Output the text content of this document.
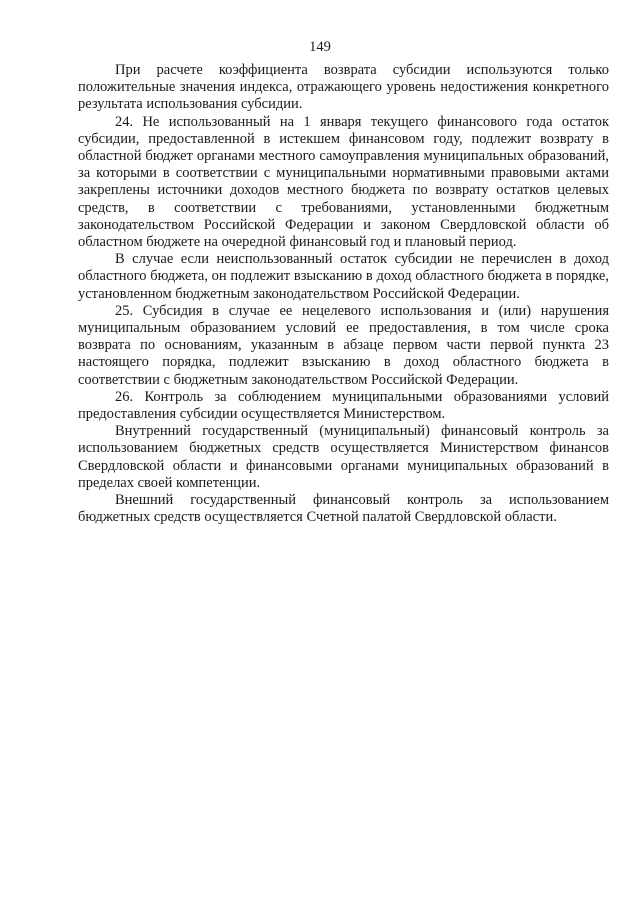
149

При расчете коэффициента возврата субсидии используются только положительные значения индекса, отражающего уровень недостижения конкретного результата использования субсидии.

24. Не использованный на 1 января текущего финансового года остаток субсидии, предоставленной в истекшем финансовом году, подлежит возврату в областной бюджет органами местного самоуправления муниципальных образований, за которыми в соответствии с муниципальными нормативными правовыми актами закреплены источники доходов местного бюджета по возврату остатков целевых средств, в соответствии с требованиями, установленными бюджетным законодательством Российской Федерации и законом Свердловской области об областном бюджете на очередной финансовый год и плановый период.

В случае если неиспользованный остаток субсидии не перечислен в доход областного бюджета, он подлежит взысканию в доход областного бюджета в порядке, установленном бюджетным законодательством Российской Федерации.

25. Субсидия в случае ее нецелевого использования и (или) нарушения муниципальным образованием условий ее предоставления, в том числе срока возврата по основаниям, указанным в абзаце первом части первой пункта 23 настоящего порядка, подлежит взысканию в доход областного бюджета в соответствии с бюджетным законодательством Российской Федерации.

26. Контроль за соблюдением муниципальными образованиями условий предоставления субсидии осуществляется Министерством.

Внутренний государственный (муниципальный) финансовый контроль за использованием бюджетных средств осуществляется Министерством финансов Свердловской области и финансовыми органами муниципальных образований в пределах своей компетенции.

Внешний государственный финансовый контроль за использованием бюджетных средств осуществляется Счетной палатой Свердловской области.
